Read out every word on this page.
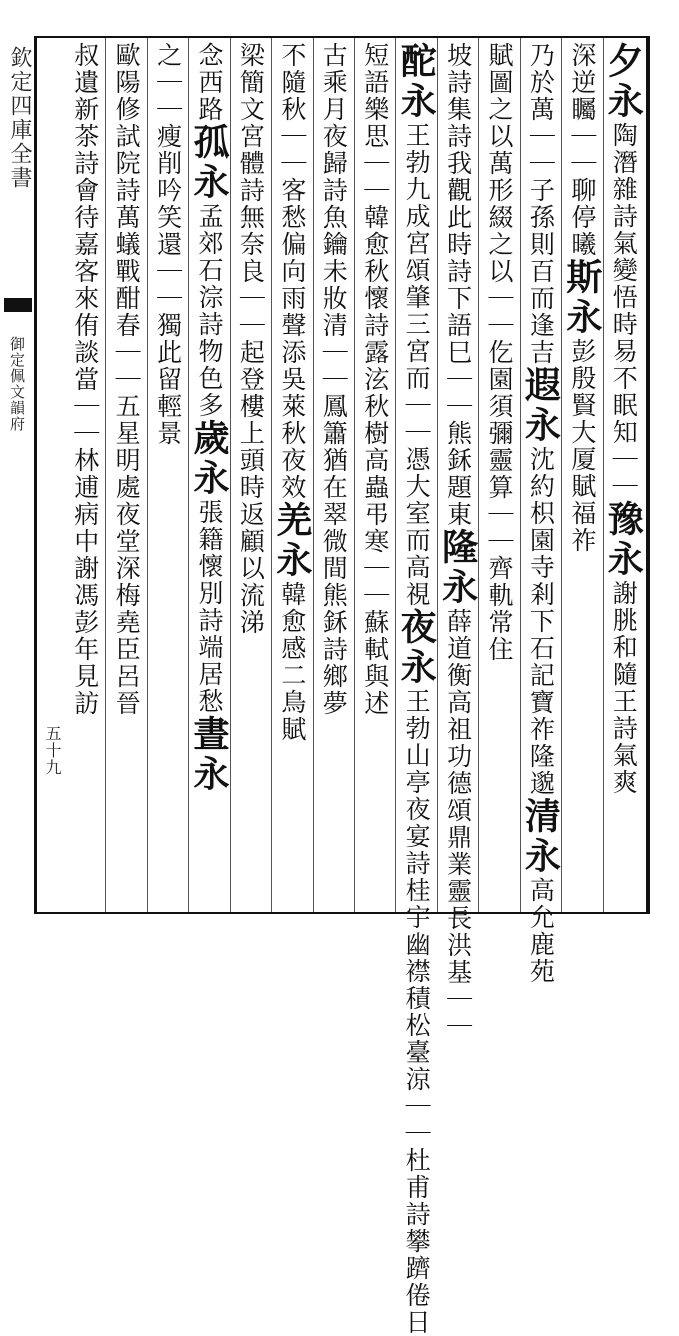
欽定四庫全書
御定佩文韻府
五十九
夕永陶潛雜詩氣變悟時易不眠知｜｜豫永謝朓和隨王詩氣爽
深逆矚｜｜聊停曦斯永彭殷賢大厦賦福祚
乃於萬｜｜子孫則百而逢吉遐永沈約枳園寺剎下石記寶祚隆邈清永高允鹿苑
賦圖之以萬形綴之以｜｜仡園須彌靈算｜｜齊軌常住
坡詩集詩我觀此時詩下語巳｜｜熊鉌題東隆永薛道衡高祖功德頌鼎業靈長洪基｜｜
酡永王勃九成宮頌肇三宮而｜｜憑大室而高視夜永王勃山亭夜宴詩桂宇幽襟積松臺涼｜｜杜甫詩攀躋倦日
短語樂思｜｜韓愈秋懷詩露泫秋樹高蟲弔寒｜｜蘇軾與述
古乘月夜歸詩魚鑰未妝清｜｜鳳簫猶在翠微間熊鉌詩鄉夢
不隨秋｜｜客愁偏向雨聲添吳萊秋夜效羌永韓愈感二鳥賦
梁簡文宮體詩無奈良｜｜起登樓上頭時返顧以流涕
念西路孤永孟郊石淙詩物色多歲永張籍懷別詩端居愁晝永
之｜｜瘦削吟笑還｜｜獨此留輕景
歐陽修試院詩萬蟻戰酣春｜｜五星明處夜堂深梅堯臣呂晉
叔遺新茶詩會待嘉客來侑談當｜｜林逋病中謝馮彭年見訪
